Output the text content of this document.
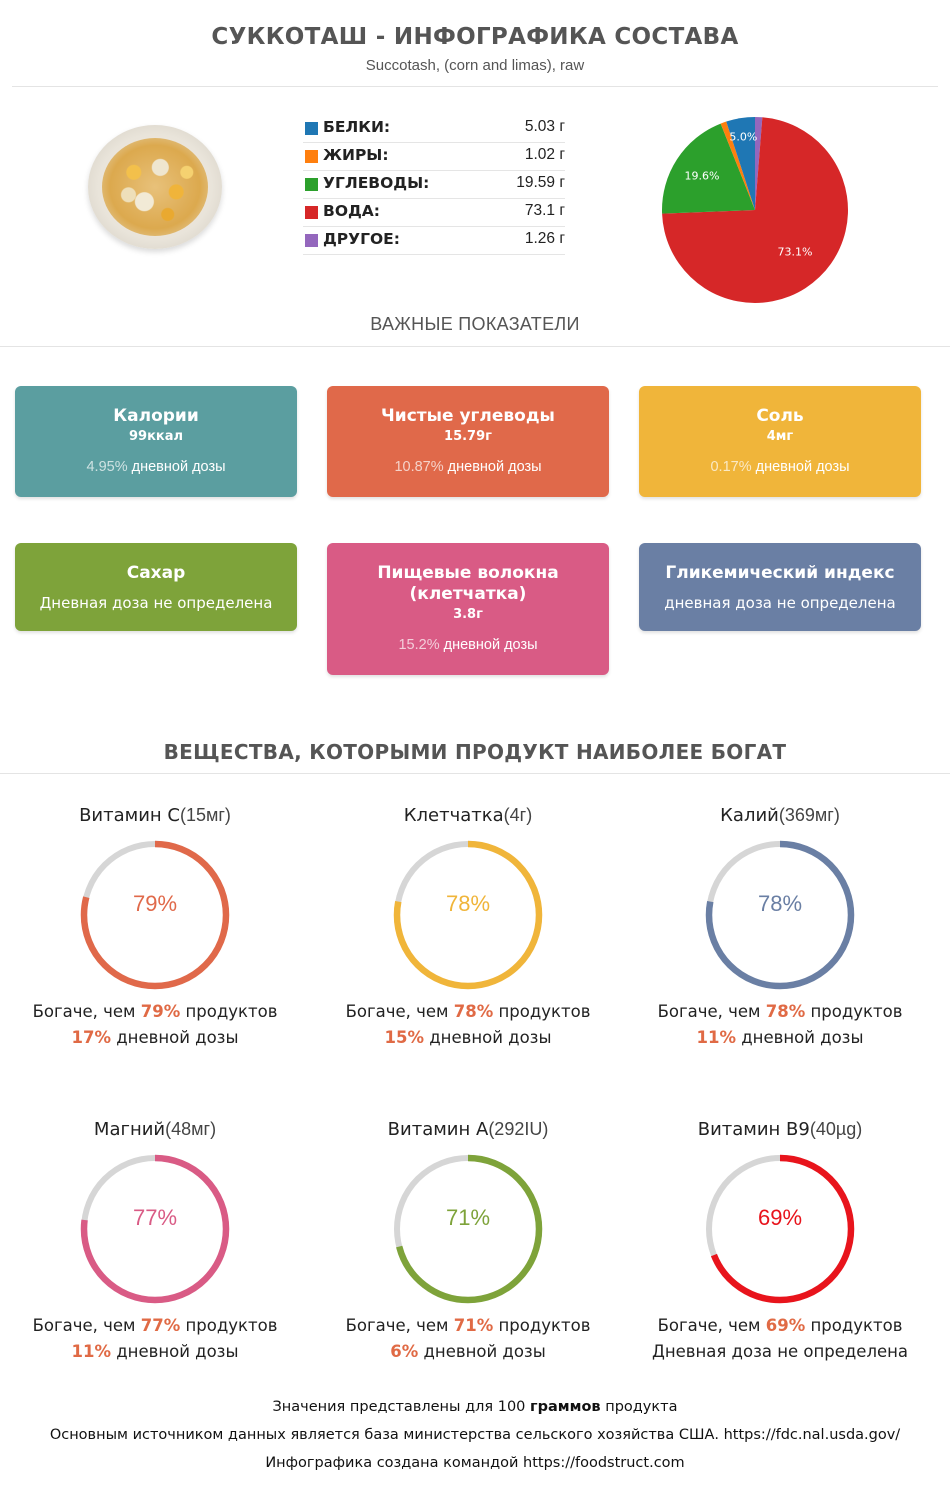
СУККОТАШ - ИНФОГРАФИКА СОСТАВА
Succotash, (corn and limas), raw
БЕЛКИ:	5.03 г
ЖИРЫ:	1.02 г
УГЛЕВОДЫ:	19.59 г
ВОДА:	73.1 г
ДРУГОЕ:	1.26 г
73.1%
19.6%
5.0%
ВАЖНЫЕ ПОКАЗАТЕЛИ
Калории
99ккал
4.95% дневной дозы
Чистые углеводы
15.79г
10.87% дневной дозы
Соль
4мг
0.17% дневной дозы
Сахар
Дневная доза не определена
Пищевые волокна (клетчатка)
3.8г
15.2% дневной дозы
Гликемический индекс
дневная доза не определена
ВЕЩЕСТВА, КОТОРЫМИ ПРОДУКТ НАИБОЛЕЕ БОГАТ
Витамин C(15мг)
79%
Богаче, чем 79% продуктов
17% дневной дозы
Клетчатка(4г)
78%
Богаче, чем 78% продуктов
15% дневной дозы
Калий(369мг)
78%
Богаче, чем 78% продуктов
11% дневной дозы
Магний(48мг)
77%
Богаче, чем 77% продуктов
11% дневной дозы
Витамин A(292IU)
71%
Богаче, чем 71% продуктов
6% дневной дозы
Витамин B9(40µg)
69%
Богаче, чем 69% продуктов
Дневная доза не определена
Значения представлены для 100 граммов продукта
Основным источником данных является база министерства сельского хозяйства США. https://fdc.nal.usda.gov/
Инфографика создана командой https://foodstruct.com
